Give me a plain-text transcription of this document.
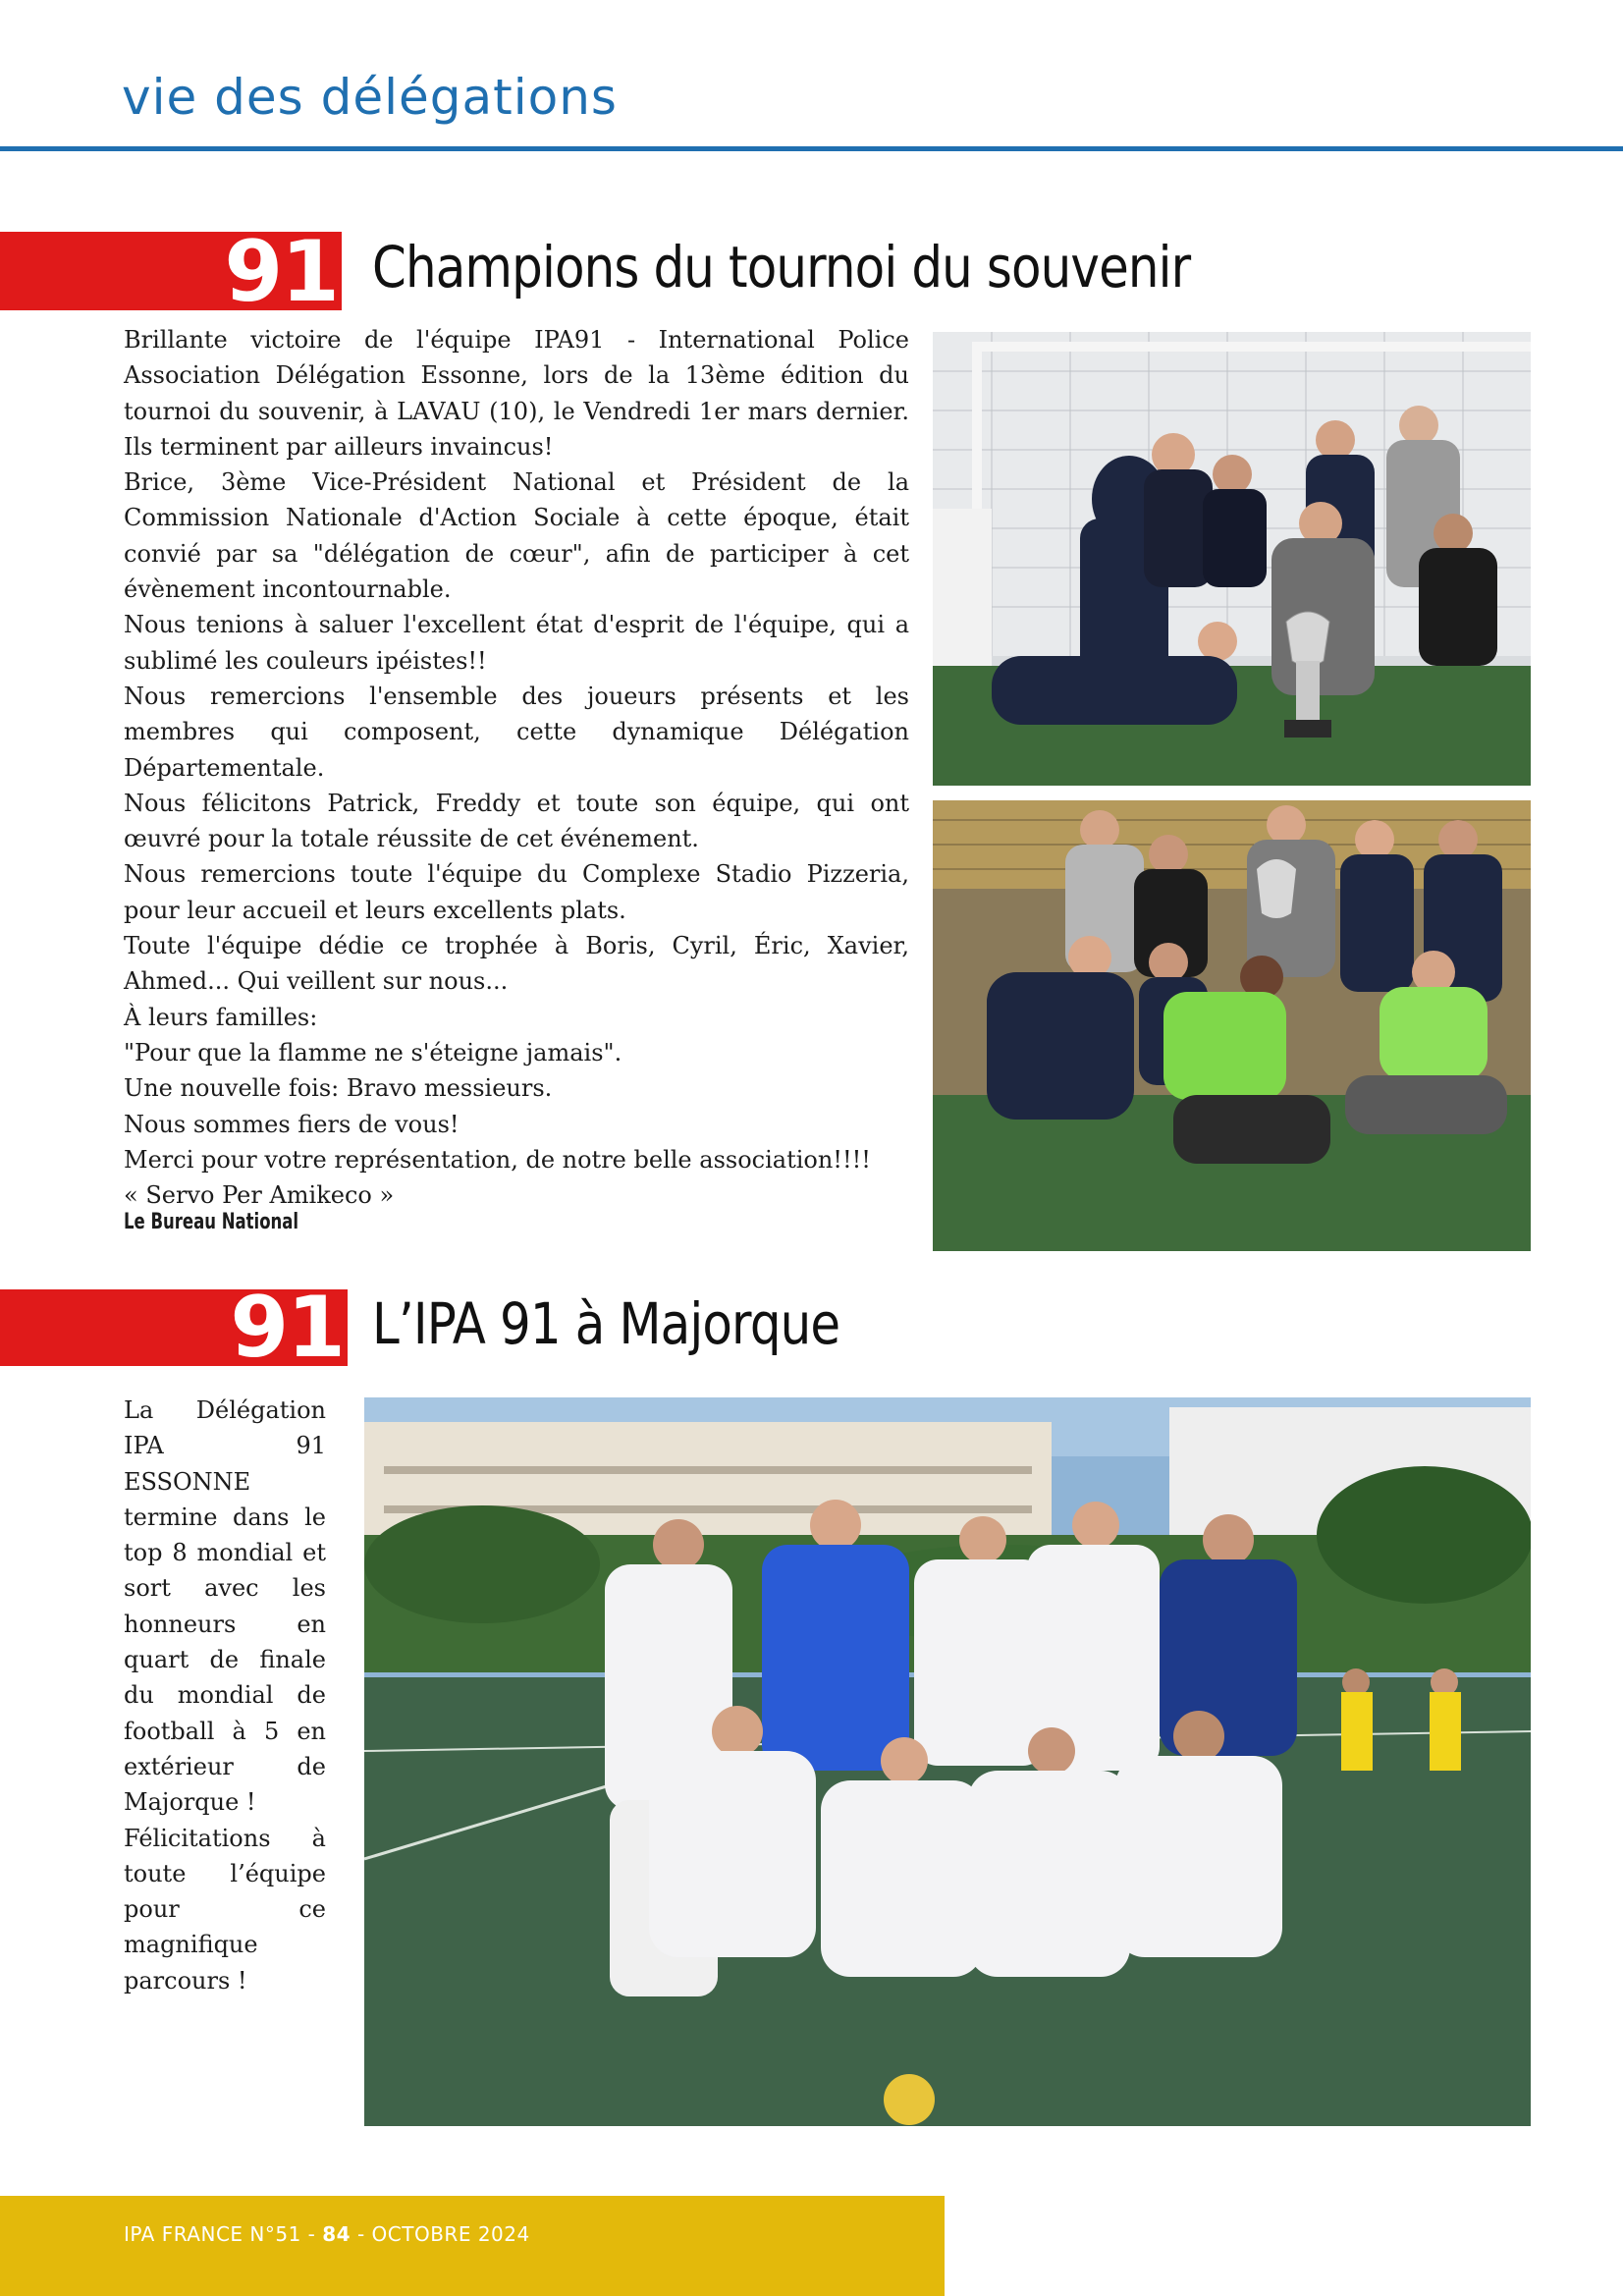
vie des délégations
91 Champions du tournoi du souvenir

Brillante victoire de l'équipe IPA91 - International Police Association Délégation Essonne, lors de la 13ème édition du tournoi du souvenir, à LAVAU (10), le Vendredi 1er mars dernier. Ils terminent par ailleurs invaincus!

Brice, 3ème Vice-Président National et Président de la Commission Nationale d'Action Sociale à cette époque, était convié par sa "délégation de cœur", afin de participer à cet évènement incontournable.

Nous tenions à saluer l'excellent état d'esprit de l'équipe, qui a sublimé les couleurs ipéistes!!

Nous remercions l'ensemble des joueurs présents et les membres qui composent, cette dynamique Délégation Départementale.

Nous félicitons Patrick, Freddy et toute son équipe, qui ont œuvré pour la totale réussite de cet événement.

Nous remercions toute l'équipe du Complexe Stadio Pizzeria, pour leur accueil et leurs excellents plats.

Toute l'équipe dédie ce trophée à Boris, Cyril, Éric, Xavier, Ahmed... Qui veillent sur nous...

À leurs familles:

"Pour que la flamme ne s'éteigne jamais".

Une nouvelle fois: Bravo messieurs.

Nous sommes fiers de vous!

Merci pour votre représentation, de notre belle association!!!!

« Servo Per Amikeco »

Le Bureau National
91 L’IPA 91 à Majorque

La Délégation IPA 91 ESSONNE termine dans le top 8 mondial et sort avec les honneurs en quart de finale du mondial de football à 5 en extérieur de Majorque !

Félicitations à toute l’équipe pour ce magnifique parcours !

IPA FRANCE N°51 - 84 - OCTOBRE 2024
